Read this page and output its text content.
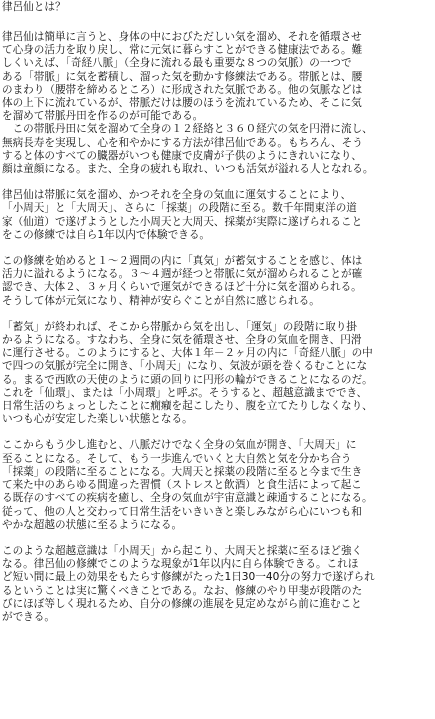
律呂仙とは？
律呂仙は簡単に言うと、身体の中におびただしい気を溜め、それを循環させ
て心身の活力を取り戻し、常に元気に暮らすことができる健康法である。難
しくいえば、「奇経八脈」（全身に流れる最も重要な８つの気脈）の一つで
ある「帯脈」に気を蓄積し、溜った気を動かす修練法である。帯脈とは、腰
のまわり（腰帯を締めるところ）に形成された気脈である。他の気脈などは
体の上下に流れているが、帯脈だけは腰のほうを流れているため、そこに気
を溜めて帯脈丹田を作るのが可能である。
　この帯脈丹田に気を溜めて全身の１２経絡と３６０経穴の気を円滑に流し、
無病長寿を実現し、心を和やかにする方法が律呂仙である。もちろん、そう
すると体のすべての臓器がいつも健康で皮膚が子供のようにきれいになり、
顔は童顔になる。また、全身の疲れも取れ、いつも活気が溢れる人となれる。
律呂仙は帯脈に気を溜め、かつそれを全身の気血に運気することにより、
「小周天」と「大周天」、さらに「採薬」の段階に至る。数千年間東洋の道
家（仙道）で遂げようとした小周天と大周天、採薬が実際に遂げられること
をこの修練では自ら1年以内で体験できる。
この修練を始めると１～２週間の内に「真気」が蓄気することを感じ、体は
活力に溢れるようになる。３～４週が経つと帯脈に気が溜められることが確
認でき、大体２、３ヶ月くらいで運気ができるほど十分に気を溜められる。
そうして体が元気になり、精神が安らぐことが自然に感じられる。
「蓄気」が終われば、そこから帯脈から気を出し、「運気」の段階に取り掛
かるようになる。すなわち、全身に気を循環させ、全身の気血を開き、円滑
に運行させる。このようにすると、大体１年－２ヶ月の内に「奇経八脈」の中
で四つの気脈が完全に開き、「小周天」になり、気波が頭を巻くるむことにな
る。まるで西欧の天使のように頭の回りに円形の輪ができることになるのだ。
これを「仙環」、または「小周環」と呼ぶ。そうすると、超越意識まででき、
日常生活のちょっとしたことに癇癪を起こしたり、腹を立てたりしなくなり、
いつも心が安定した楽しい状態となる。
ここからもう少し進むと、八脈だけでなく全身の気血が開き、「大周天」に
至ることになる。そして、もう一歩進んでいくと大自然と気を分かち合う
「採薬」の段階に至ることになる。大周天と採薬の段階に至ると今まで生き
て来た中のあらゆる間違った習慣（ストレスと飲酒）と食生活によって起こ
る既存のすべての疾病を癒し、全身の気血が宇宙意識と疎通することになる。
従って、他の人と交わって日常生活をいきいきと楽しみながら心にいつも和
やかな超越の状態に至るようになる。
このような超越意識は「小周天」から起こり、大周天と採薬に至るほど強く
なる。律呂仙の修練でこのような現象が1年以内に自ら体験できる。これほ
ど短い間に最上の効果をもたらす修練がたった1日30一40分の努力で遂げられ
るということは実に驚くべきことである。なお、修練のやり甲斐が段階のた
びにほぼ等しく現れるため、自分の修練の進展を見定めながら前に進むこと
ができる。
